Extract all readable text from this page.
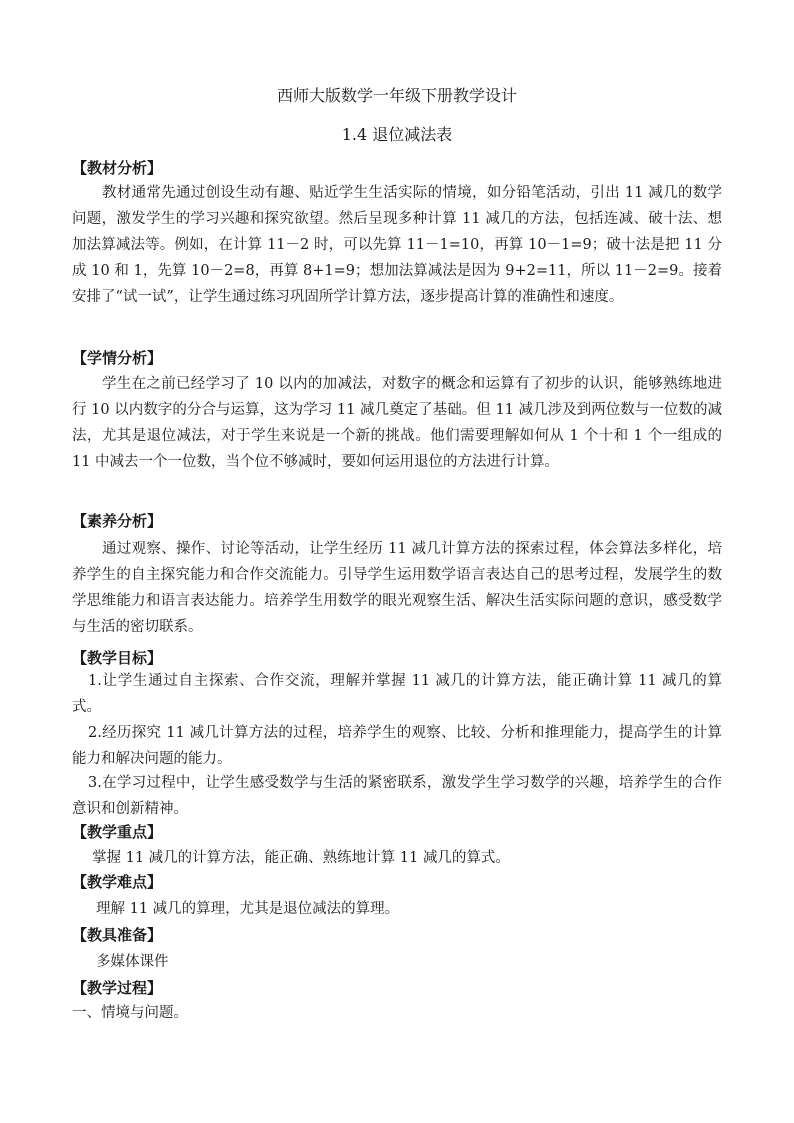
西师大版数学一年级下册教学设计
1.4 退位减法表
【教材分析】

教材通常先通过创设生动有趣、贴近学生生活实际的情境，如分铅笔活动，引出 11 减几的数学问题，激发学生的学习兴趣和探究欲望。然后呈现多种计算 11 减几的方法，包括连减、破十法、想加法算减法等。例如，在计算 11－2 时，可以先算 11－1=10，再算 10－1=9；破十法是把 11 分成 10 和 1，先算 10－2=8，再算 8+1=9；想加法算减法是因为 9+2=11，所以 11－2=9。接着安排了“试一试”，让学生通过练习巩固所学计算方法，逐步提高计算的准确性和速度。

【学情分析】

学生在之前已经学习了 10 以内的加减法，对数字的概念和运算有了初步的认识，能够熟练地进行 10 以内数字的分合与运算，这为学习 11 减几奠定了基础。但 11 减几涉及到两位数与一位数的减法，尤其是退位减法，对于学生来说是一个新的挑战。他们需要理解如何从 1 个十和 1 个一组成的 11 中减去一个一位数，当个位不够减时，要如何运用退位的方法进行计算。

【素养分析】

通过观察、操作、讨论等活动，让学生经历 11 减几计算方法的探索过程，体会算法多样化，培养学生的自主探究能力和合作交流能力。引导学生运用数学语言表达自己的思考过程，发展学生的数学思维能力和语言表达能力。培养学生用数学的眼光观察生活、解决生活实际问题的意识，感受数学与生活的密切联系。

【教学目标】

1.让学生通过自主探索、合作交流，理解并掌握 11 减几的计算方法，能正确计算 11 减几的算式。

2.经历探究 11 减几计算方法的过程，培养学生的观察、比较、分析和推理能力，提高学生的计算能力和解决问题的能力。

3.在学习过程中，让学生感受数学与生活的紧密联系，激发学生学习数学的兴趣，培养学生的合作意识和创新精神。

【教学重点】
掌握 11 减几的计算方法，能正确、熟练地计算 11 减几的算式。
【教学难点】
理解 11 减几的算理，尤其是退位减法的算理。
【教具准备】
多媒体课件
【教学过程】
一、情境与问题。
